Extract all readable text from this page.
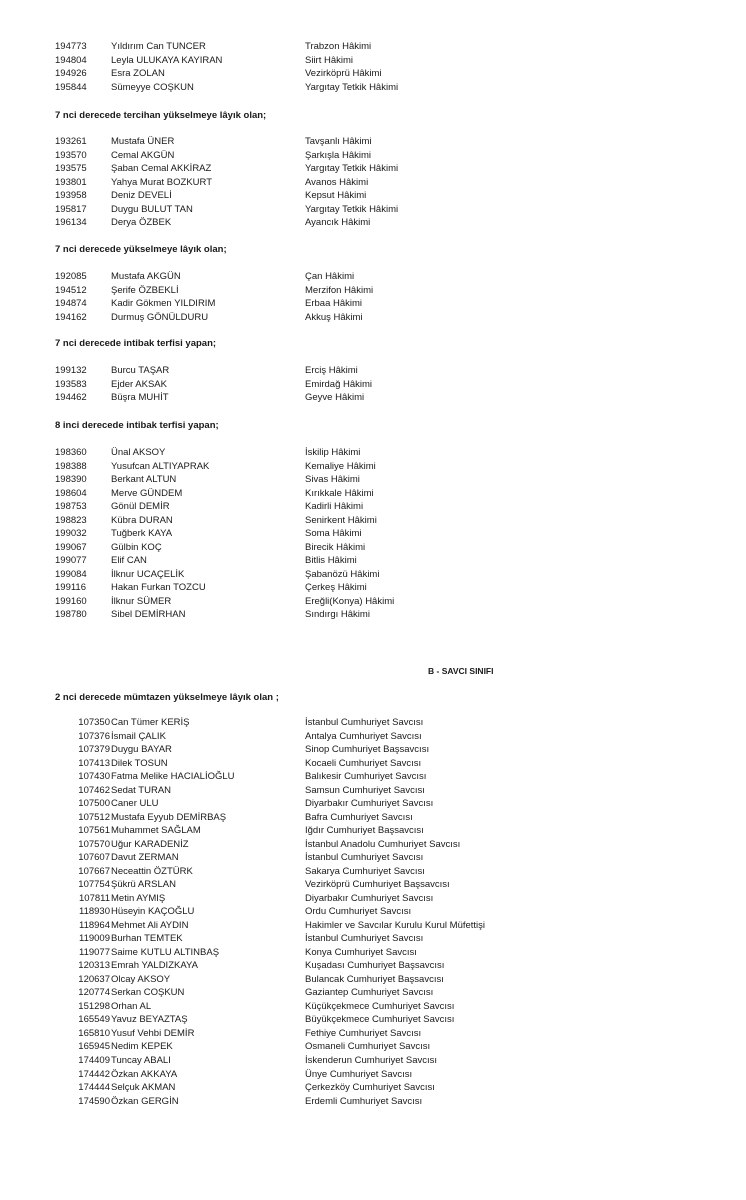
194773	Yıldırım Can TUNCER	Trabzon Hâkimi
194804	Leyla ULUKAYA KAYIRAN	Siirt Hâkimi
194926	Esra ZOLAN	Vezirköprü Hâkimi
195844	Sümeyye COŞKUN	Yargıtay Tetkik Hâkimi
7 nci derecede tercihan yükselmeye lâyık olan;
193261	Mustafa ÜNER	Tavşanlı Hâkimi
193570	Cemal AKGÜN	Şarkışla Hâkimi
193575	Şaban Cemal AKKİRAZ	Yargıtay Tetkik Hâkimi
193801	Yahya Murat BOZKURT	Avanos Hâkimi
193958	Deniz DEVELİ	Kepsut Hâkimi
195817	Duygu BULUT TAN	Yargıtay Tetkik Hâkimi
196134	Derya ÖZBEK	Ayancık Hâkimi
7 nci derecede yükselmeye lâyık olan;
192085	Mustafa AKGÜN	Çan Hâkimi
194512	Şerife ÖZBEKLİ	Merzifon Hâkimi
194874	Kadir Gökmen YILDIRIM	Erbaa Hâkimi
194162	Durmuş GÖNÜLDURU	Akkuş Hâkimi
7 nci derecede intibak terfisi yapan;
199132	Burcu TAŞAR	Erciş Hâkimi
193583	Ejder AKSAK	Emirdağ Hâkimi
194462	Büşra MUHİT	Geyve Hâkimi
8 inci derecede intibak terfisi yapan;
198360	Ünal AKSOY	İskilip Hâkimi
198388	Yusufcan ALTIYAPRAK	Kemaliye Hâkimi
198390	Berkant ALTUN	Sivas Hâkimi
198604	Merve GÜNDEM	Kırıkkale Hâkimi
198753	Gönül DEMİR	Kadirli Hâkimi
198823	Kübra DURAN	Senirkent Hâkimi
199032	Tuğberk KAYA	Soma Hâkimi
199067	Gülbin KOÇ	Birecik Hâkimi
199077	Elif CAN	Bitlis Hâkimi
199084	İlknur UCAÇELİK	Şabanözü Hâkimi
199116	Hakan Furkan TOZCU	Çerkeş Hâkimi
199160	İlknur SÜMER	Ereğli(Konya) Hâkimi
198780	Sibel DEMİRHAN	Sındırgı Hâkimi
B - SAVCI SINIFI
2 nci derecede mümtazen yükselmeye lâyık olan ;
107350 Can Tümer KERİŞ	İstanbul Cumhuriyet Savcısı
107376 İsmail ÇALIK	Antalya Cumhuriyet Savcısı
107379 Duygu BAYAR	Sinop Cumhuriyet Başsavcısı
107413 Dilek TOSUN	Kocaeli Cumhuriyet Savcısı
107430 Fatma Melike HACIALİOĞLU	Balıkesir Cumhuriyet Savcısı
107462 Sedat TURAN	Samsun Cumhuriyet Savcısı
107500 Caner ULU	Diyarbakır Cumhuriyet Savcısı
107512 Mustafa Eyyub DEMİRBAŞ	Bafra Cumhuriyet Savcısı
107561 Muhammet SAĞLAM	Iğdır Cumhuriyet Başsavcısı
107570 Uğur KARADENİZ	İstanbul Anadolu Cumhuriyet Savcısı
107607 Davut ZERMAN	İstanbul Cumhuriyet Savcısı
107667 Neceattin ÖZTÜRK	Sakarya Cumhuriyet Savcısı
107754 Şükrü ARSLAN	Vezirköprü Cumhuriyet Başsavcısı
107811 Metin AYMIŞ	Diyarbakır Cumhuriyet Savcısı
118930 Hüseyin KAÇOĞLU	Ordu Cumhuriyet Savcısı
118964 Mehmet Ali AYDIN	Hakimler ve Savcılar Kurulu Kurul Müfettişi
119009 Burhan TEMTEK	İstanbul Cumhuriyet Savcısı
119077 Saime KUTLU ALTINBAŞ	Konya Cumhuriyet Savcısı
120313 Emrah YALDIZKAYA	Kuşadası Cumhuriyet Başsavcısı
120637 Olcay AKSOY	Bulancak Cumhuriyet Başsavcısı
120774 Serkan COŞKUN	Gaziantep Cumhuriyet Savcısı
151298 Orhan AL	Küçükçekmece Cumhuriyet Savcısı
165549 Yavuz BEYAZTAŞ	Büyükçekmece Cumhuriyet Savcısı
165810 Yusuf Vehbi DEMİR	Fethiye Cumhuriyet Savcısı
165945 Nedim KEPEK	Osmaneli Cumhuriyet Savcısı
174409 Tuncay ABALI	İskenderun Cumhuriyet Savcısı
174442 Özkan AKKAYA	Ünye Cumhuriyet Savcısı
174444 Selçuk AKMAN	Çerkezköy Cumhuriyet Savcısı
174590 Özkan GERGİN	Erdemli Cumhuriyet Savcısı
